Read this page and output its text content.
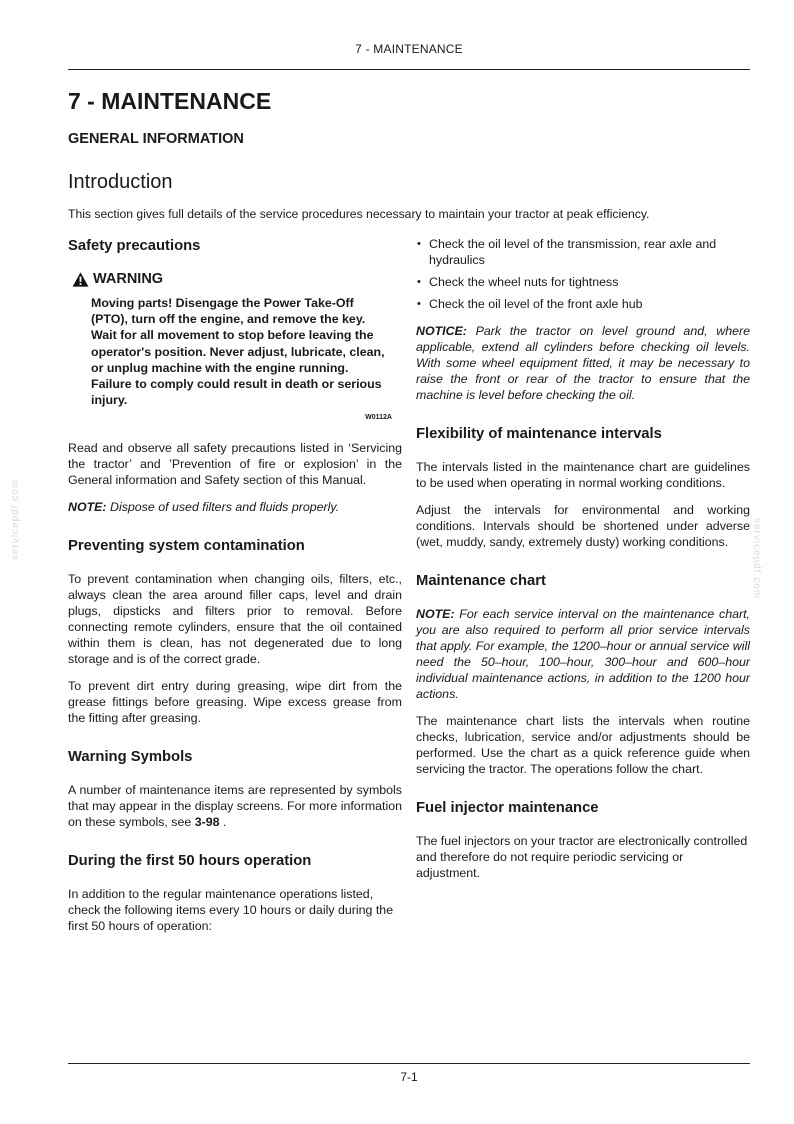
7 - MAINTENANCE
7 - MAINTENANCE
GENERAL INFORMATION
Introduction

This section gives full details of the service procedures necessary to maintain your tractor at peak efficiency.

Safety precautions
WARNING
Moving parts! Disengage the Power Take-Off (PTO), turn off the engine, and remove the key. Wait for all movement to stop before leaving the operator's position. Never adjust, lubricate, clean, or unplug machine with the engine running. Failure to comply could result in death or serious injury.
W0112A

Read and observe all safety precautions listed in ‘Servicing the tractor’ and ’Prevention of fire or explosion’ in the General information and Safety section of this Manual.

NOTE: Dispose of used filters and fluids properly.

Preventing system contamination

To prevent contamination when changing oils, filters, etc., always clean the area around filler caps, level and drain plugs, dipsticks and filters prior to removal. Before connecting remote cylinders, ensure that the oil contained within them is clean, has not degenerated due to long storage and is of the correct grade.

To prevent dirt entry during greasing, wipe dirt from the grease fittings before greasing. Wipe excess grease from the fitting after greasing.

Warning Symbols

A number of maintenance items are represented by symbols that may appear in the display screens. For more information on these symbols, see 3-98 .

During the first 50 hours operation

In addition to the regular maintenance operations listed, check the following items every 10 hours or daily during the first 50 hours of operation:

• Check the oil level of the transmission, rear axle and hydraulics
• Check the wheel nuts for tightness
• Check the oil level of the front axle hub

NOTICE: Park the tractor on level ground and, where applicable, extend all cylinders before checking oil levels. With some wheel equipment fitted, it may be necessary to raise the front or rear of the tractor to ensure that the machine is level before checking the oil.

Flexibility of maintenance intervals

The intervals listed in the maintenance chart are guidelines to be used when operating in normal working conditions.

Adjust the intervals for environmental and working conditions. Intervals should be shortened under adverse (wet, muddy, sandy, extremely dusty) working conditions.

Maintenance chart

NOTE: For each service interval on the maintenance chart, you are also required to perform all prior service intervals that apply. For example, the 1200–hour or annual service will need the 50–hour, 100–hour, 300–hour and 600–hour individual maintenance actions, in addition to the 1200 hour actions.

The maintenance chart lists the intervals when routine checks, lubrication, service and/or adjustments should be performed. Use the chart as a quick reference guide when servicing the tractor. The operations follow the chart.

Fuel injector maintenance

The fuel injectors on your tractor are electronically controlled and therefore do not require periodic servicing or adjustment.

servicepdf.com	servicepdf.com
7-1
